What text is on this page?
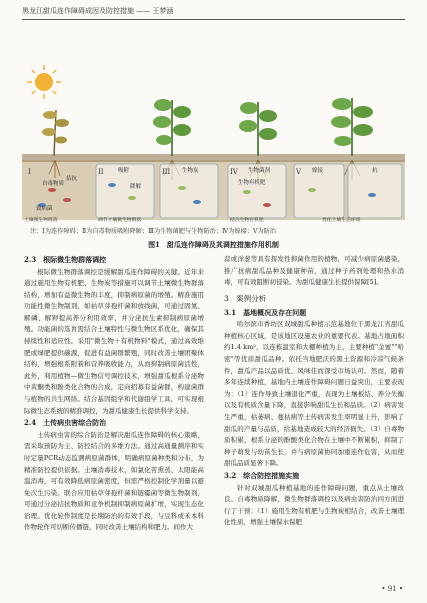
黑龙江甜瓜连作障碍成因及防控措施 —— 王梦涵
I	II	III	IV	V
拮抗
自毒物质
致病菌
吸附
降解
生物炭	生物菌剂
生物有机肥
嫁接	抗
土壤微生物群落	调节土壤微生物群落	结合生物有机肥	优化土壤生态环境
注：Ⅰ为连作障碍；Ⅱ为自毒物质吸附降解；Ⅲ为生物菌肥与生物防治；Ⅳ为嫁接；Ⅴ为防治
图1　甜瓜连作障碍及其调控措施作用机制
2.3　根际微生物群落调控

根际微生物群落调控是缓解甜瓜连作障碍的关键。近年来通过施用生物有机肥、生物炭等措施可以调节土壤微生物群落结构，增加有益微生物的丰度，抑制病原菌的增殖。精准施用功能性微生物制剂，如枯草芽孢杆菌和放线菌，可通过固氮、解磷、解钾提高养分利用效率，并分泌抗生素抑制病原菌增殖。功能菌的选育需结合土壤特性与微生物区系优化，确保其持续性和适应性。采用"微生物＋有机物料"模式，通过高效堆肥或绿肥提供碳源，促进有益菌群繁殖，同时改善土壤团聚体结构，增强根系附着和营养吸收能力，从而抑制病原菌活性，此外，利用植物—微生物信号调控技术，增强甜瓜根系分泌物中黄酮类和酚类化合物的合成，定向招募有益菌群，构建菌群与植物的共生网络。结合基因组学和代谢组学工具，可实现根际微生态系统的精准调控，为甜瓜健康生长提供科学支持。

2.4　土传病虫害综合防治

土传病虫害的综合防治是解决甜瓜连作障碍的核心策略，需采取预防为主、防控结合的多维方法。通过高通量测序和实时定量PCR动态监测病原菌群体，明确病原菌种类和分布，为精准防控提供依据。土壤消毒技术，如氯化苦熏蒸、太阳能高温消毒，可有效降低病原菌密度，但需严格控制化学剂量以避免次生污染。联合应用枯草芽孢杆菌和链霉菌等微生物制剂，可通过分泌拮抗物质和竞争机制抑制病原菌扩增，实现生态化治理。优化轮作制度是长期防治的有效手段，与豆科或禾本科作物轮作可切断传播链，同时改善土壤结构和肥力。间作大

蒜或洋葱等具有挥发性抑菌作用的植物，可减少病原菌感染。推广抗病甜瓜品种及健康种苗，通过种子药剂处理和热水消毒，可有效阻断初侵染。为甜瓜健康生长提供保障[5]。

3　案例分析
3.1　基地概况及存在问题

哈尔滨市香坊区双城甜瓜种植示范基地位于黑龙江省甜瓜种植核心区域，是该地区设施农业的重要代表。基地占地面积约1.4 km²，以连栋温室和大棚种植为主，主要种植"金蜜""哈密"等优质甜瓜品种。依托当地肥沃的黑土资源和冷凉气候条件，甜瓜产品以品质优、风味佳而深受市场认可。然而，随着多年连续种植，基地内土壤连作障碍问题日益突出，主要表现为：（1）连作导致土壤退化严重，表现为土壤板结、养分失衡以及有机质含量下降，直接影响甜瓜生长和品质。（2）病害发生严重，枯萎病、蔓枯病等土传病害发生率明显上升，影响了甜瓜的产量与品质，给基地造成较大的经济损失。（3）自毒物质积累，根系分泌的酚酸类化合物在土壤中不断累积，抑制了种子萌发与幼苗生长，并与病原菌协同加重连作危害，从而使甜瓜品质显著下降。

3.2　综合防控措施实施

针对双城甜瓜种植基地的连作障碍问题，重点从土壤改良、自毒物质降解、微生物群落调控以及病虫害防治四方面进行了干预：（1）施用生物有机肥与生物炭相结合，改善土壤理化性质，增强土壤保水保肥

• 91 •
